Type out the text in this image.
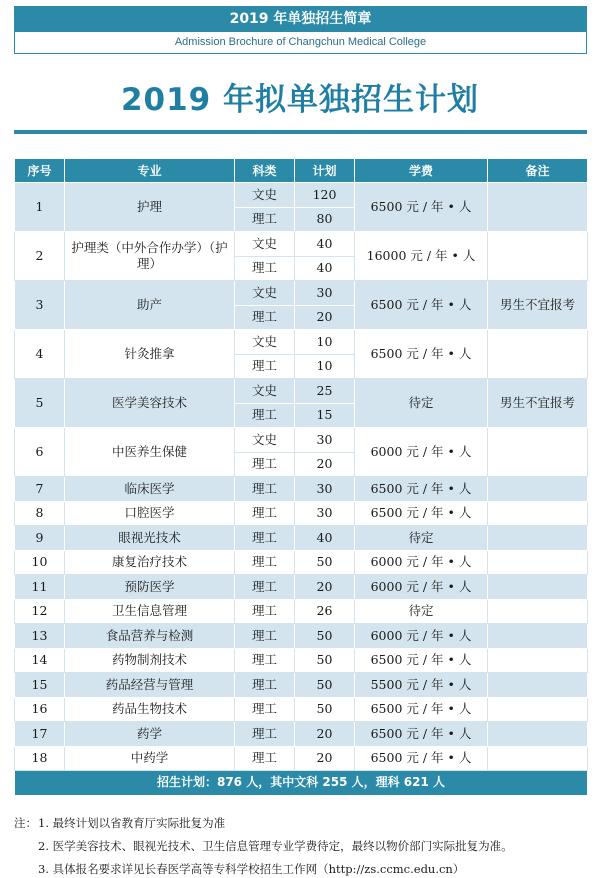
2019 年单独招生简章
Admission Brochure of Changchun Medical College
2019 年拟单独招生计划
序号	专业	科类	计划	学费	备注
1	护理	文史	120	6500 元 / 年 • 人	
		理工	80		
2	护理类（中外合作办学）（护理）	文史	40	16000 元 / 年 • 人	
		理工	40		
3	助产	文史	30	6500 元 / 年 • 人	男生不宜报考
		理工	20		
4	针灸推拿	文史	10	6500 元 / 年 • 人	
		理工	10		
5	医学美容技术	文史	25	待定	男生不宜报考
		理工	15		
6	中医养生保健	文史	30	6000 元 / 年 • 人	
		理工	20		
7	临床医学	理工	30	6500 元 / 年 • 人	
8	口腔医学	理工	30	6500 元 / 年 • 人	
9	眼视光技术	理工	40	待定	
10	康复治疗技术	理工	50	6000 元 / 年 • 人	
11	预防医学	理工	20	6000 元 / 年 • 人	
12	卫生信息管理	理工	26	待定	
13	食品营养与检测	理工	50	6000 元 / 年 • 人	
14	药物制剂技术	理工	50	6500 元 / 年 • 人	
15	药品经营与管理	理工	50	5500 元 / 年 • 人	
16	药品生物技术	理工	50	6500 元 / 年 • 人	
17	药学	理工	20	6500 元 / 年 • 人	
18	中药学	理工	20	6500 元 / 年 • 人	
招生计划：876 人，其中文科 255 人，理科 621 人					
注： 1. 最终计划以省教育厅实际批复为准
2. 医学美容技术、眼视光技术、卫生信息管理专业学费待定，最终以物价部门实际批复为准。
3. 具体报名要求详见长春医学高等专科学校招生工作网（http://zs.ccmc.edu.cn）
